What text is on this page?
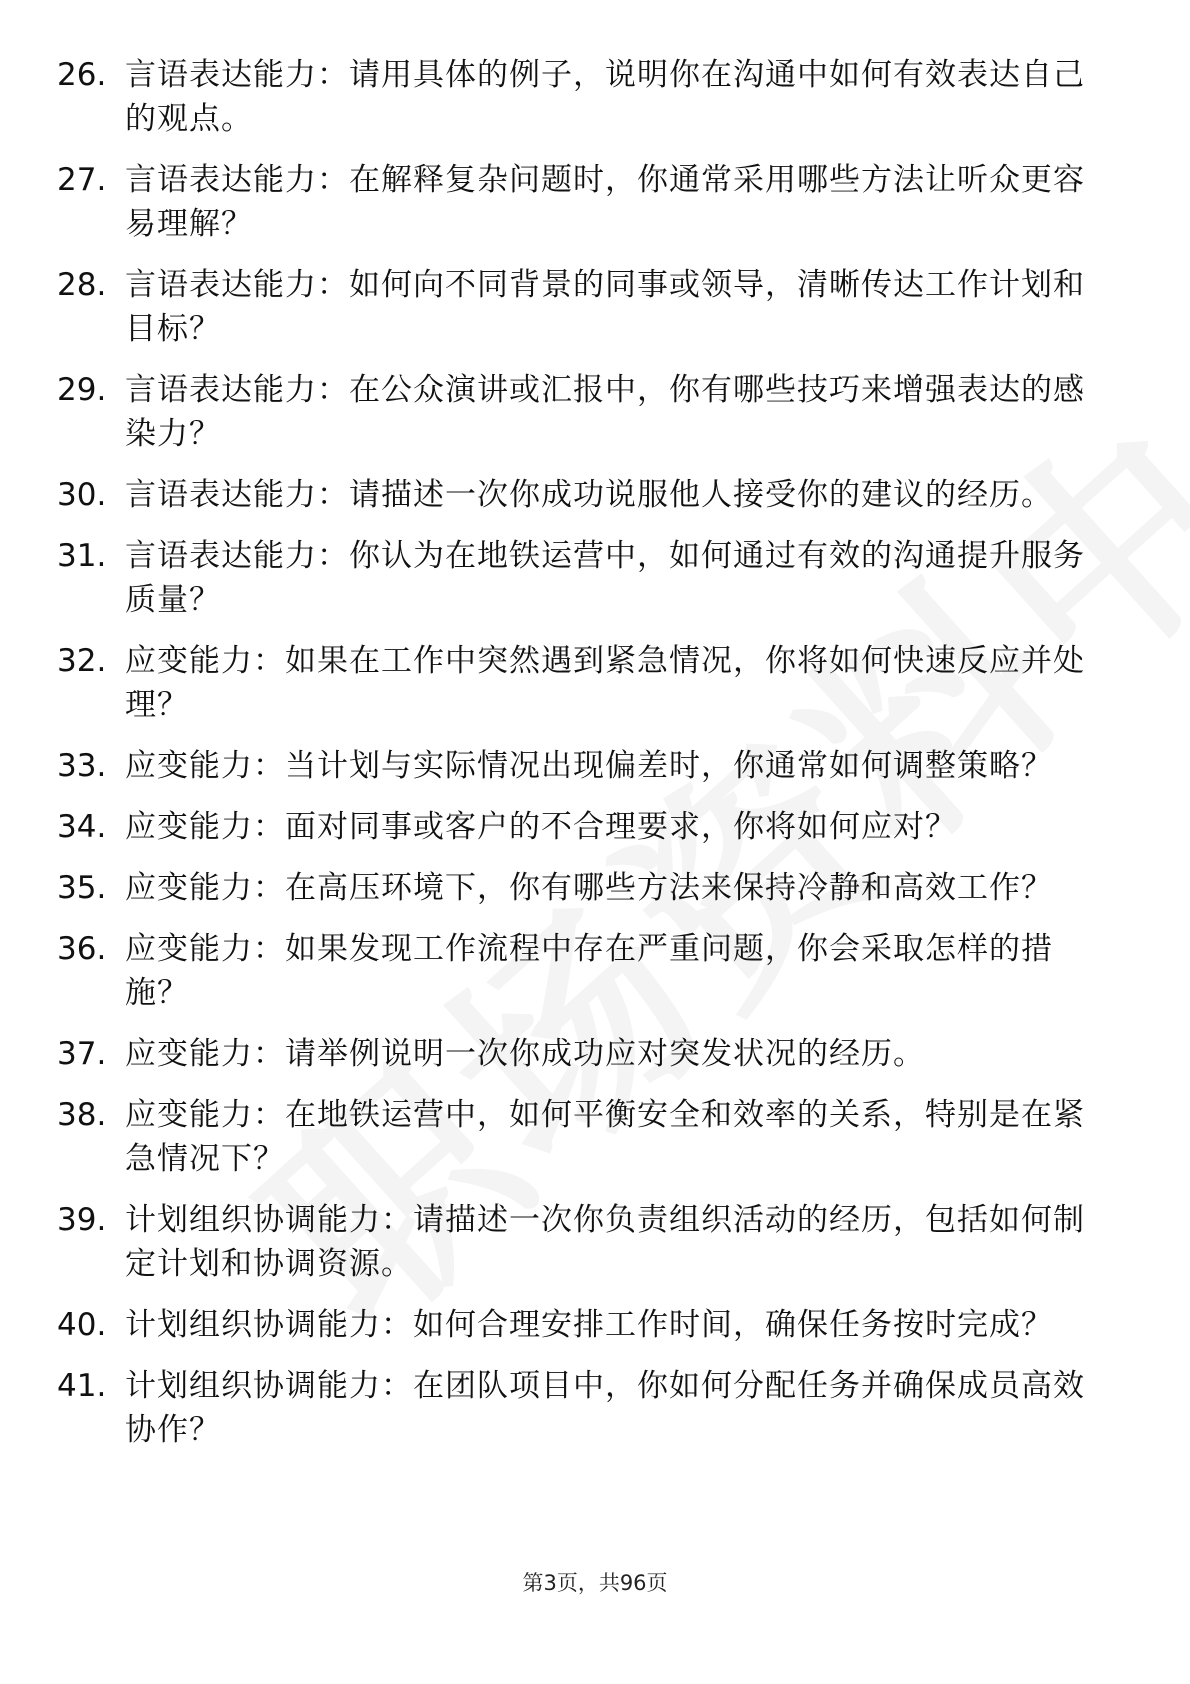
26. 言语表达能力：请用具体的例子，说明你在沟通中如何有效表达自己的观点。
27. 言语表达能力：在解释复杂问题时，你通常采用哪些方法让听众更容易理解？
28. 言语表达能力：如何向不同背景的同事或领导，清晰传达工作计划和目标？
29. 言语表达能力：在公众演讲或汇报中，你有哪些技巧来增强表达的感染力？
30. 言语表达能力：请描述一次你成功说服他人接受你的建议的经历。
31. 言语表达能力：你认为在地铁运营中，如何通过有效的沟通提升服务质量？
32. 应变能力：如果在工作中突然遇到紧急情况，你将如何快速反应并处理？
33. 应变能力：当计划与实际情况出现偏差时，你通常如何调整策略？
34. 应变能力：面对同事或客户的不合理要求，你将如何应对？
35. 应变能力：在高压环境下，你有哪些方法来保持冷静和高效工作？
36. 应变能力：如果发现工作流程中存在严重问题，你会采取怎样的措施？
37. 应变能力：请举例说明一次你成功应对突发状况的经历。
38. 应变能力：在地铁运营中，如何平衡安全和效率的关系，特别是在紧急情况下？
39. 计划组织协调能力：请描述一次你负责组织活动的经历，包括如何制定计划和协调资源。
40. 计划组织协调能力：如何合理安排工作时间，确保任务按时完成？
41. 计划组织协调能力：在团队项目中，你如何分配任务并确保成员高效协作？
第3页，共96页
